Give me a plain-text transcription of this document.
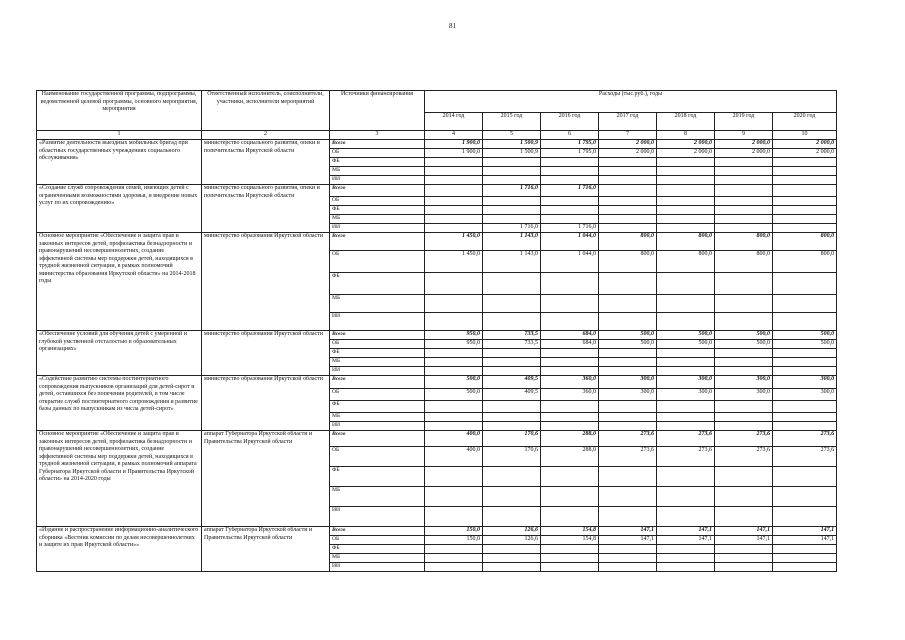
81
Наименование государственной программы, подпрограммы, ведомственной целевой программы, основного мероприятия, мероприятия	Ответственный исполнитель, соисполнители, участники, исполнители мероприятий	Источники финансирования	Расходы (тыс.руб.), годы						
			2014 год	2015 год	2016 год	2017 год	2018 год	2019 год	2020 год
1	2	3	4	5	6	7	8	9	10
«Развитие деятельности выездных мобильных бригад при областных государственных учреждениях социального обслуживания»	министерство социального развития, опеки и попечительства Иркутской области	Всего	1 900,0	1 500,9	1 795,0	2 000,0	2 000,0	2 000,0	2 000,0
		ОБ	1 900,0	1 500,9	1 795,0	2 000,0	2 000,0	2 000,0	2 000,0
		ФБ							
		МБ							
		ИИ							
«Создание служб сопровождения семей, имеющих детей с ограниченными возможностями здоровья, и внедрение новых услуг по их сопровождению»	министерство социального развития, опеки и попечительства Иркутской области	Всего		1 716,0	1 716,0				
		ОБ							
		ФБ							
		МБ							
		ИИ		1 716,0	1 716,0				
Основное мероприятие «Обеспечение и защита прав и законных интересов детей, профилактика безнадзорности и правонарушений несовершеннолетних, создание эффективной системы мер поддержки детей, находящихся в трудной жизненной ситуации, в рамках полномочий министерства образования Иркутской области» на 2014-2018 годы	министерство образования Иркутской области	Всего	1 450,0	1 143,0	1 044,0	800,0	800,0	800,0	800,0
		ОБ	1 450,0	1 143,0	1 044,0	800,0	800,0	800,0	800,0
		ФБ							
		МБ							
		ИИ							
«Обеспечение условий для обучения детей с умеренной и глубокой умственной отсталостью в образовательных организациях»	министерство образования Иркутской области	Всего	950,0	733,5	684,0	500,0	500,0	500,0	500,0
		ОБ	950,0	733,5	684,0	500,0	500,0	500,0	500,0
		ФБ							
		МБ							
		ИИ							
«Содействие развитию системы постинтернатного сопровождения выпускников организаций для детей-сирот и детей, оставшихся без попечения родителей, в том числе открытие служб постинтернатного сопровождения и развитие базы данных по выпускникам из числа детей-сирот»	министерство образования Иркутской области	Всего	500,0	409,5	360,0	300,0	300,0	300,0	300,0
		ОБ	500,0	409,5	360,0	300,0	300,0	300,0	300,0
		ФБ							
		МБ							
		ИИ							
Основное мероприятие «Обеспечение и защита прав и законных интересов детей, профилактика безнадзорности и правонарушений несовершеннолетних, создание эффективной системы мер поддержки детей, находящихся в трудной жизненной ситуации, в рамках полномочий аппарата Губернатора Иркутской области и Правительства Иркутской области» на 2014-2020 годы	аппарат Губернатора Иркутской области и Правительства Иркутской области	Всего	400,0	170,6	288,0	273,6	273,6	273,6	273,6
		ОБ	400,0	170,6	288,0	273,6	273,6	273,6	273,6
		ФБ							
		МБ							
		ИИ							
«Издание и распространение информационно-аналитического сборника «Вестник комиссии по делам несовершеннолетних и защите их прав Иркутской области»»	аппарат Губернатора Иркутской области и Правительства Иркутской области	Всего	150,0	126,6	154,8	147,1	147,1	147,1	147,1
		ОБ	150,0	126,6	154,8	147,1	147,1	147,1	147,1
		ФБ							
		МБ							
		ИИ							
